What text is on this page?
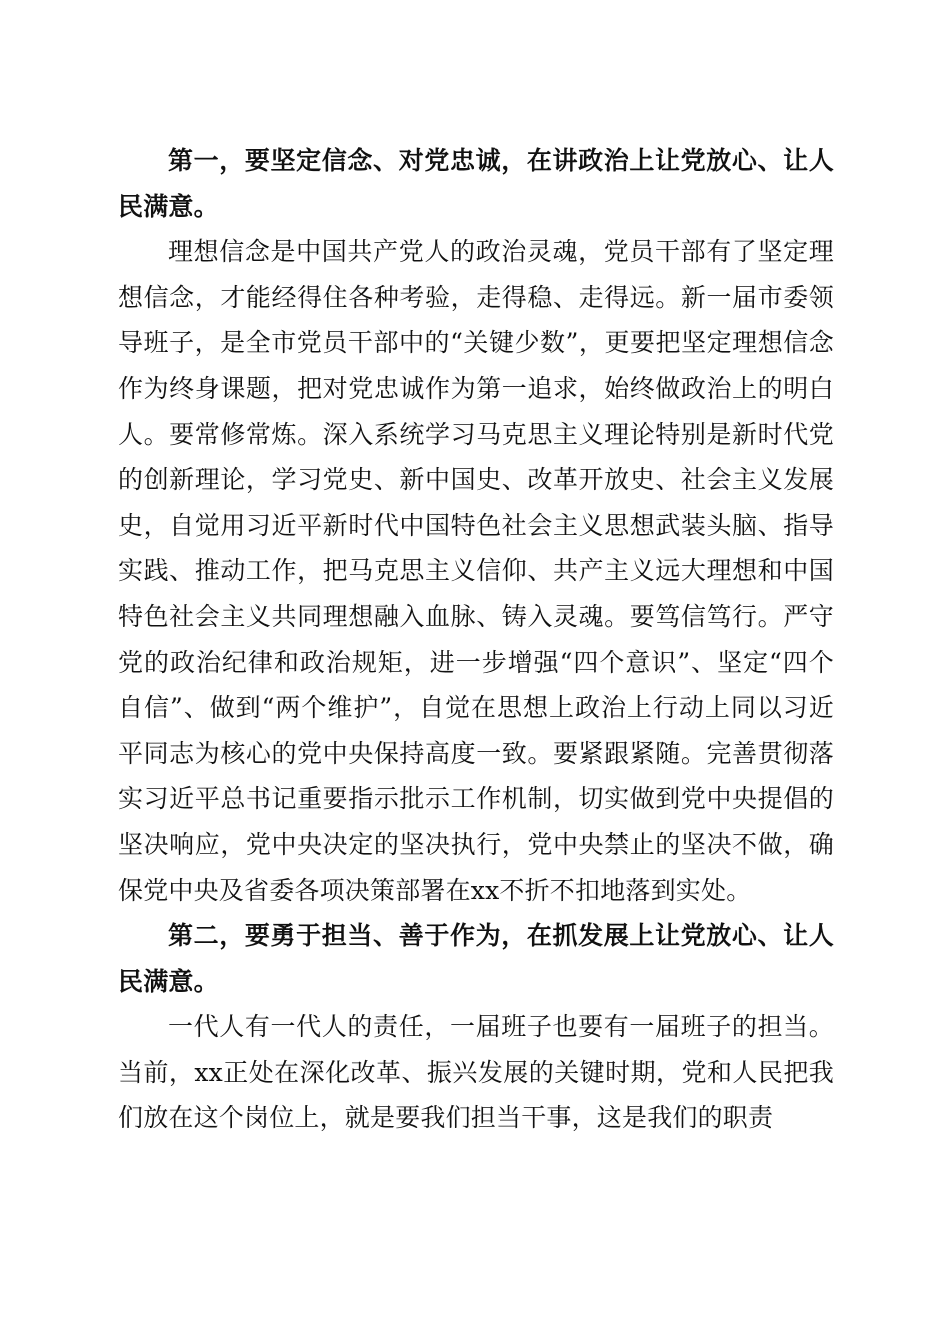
第一，要坚定信念、对党忠诚，在讲政治上让党放心、让人民满意。

理想信念是中国共产党人的政治灵魂，党员干部有了坚定理想信念，才能经得住各种考验，走得稳、走得远。新一届市委领导班子，是全市党员干部中的“关键少数”，更要把坚定理想信念作为终身课题，把对党忠诚作为第一追求，始终做政治上的明白人。要常修常炼。深入系统学习马克思主义理论特别是新时代党的创新理论，学习党史、新中国史、改革开放史、社会主义发展史，自觉用习近平新时代中国特色社会主义思想武装头脑、指导实践、推动工作，把马克思主义信仰、共产主义远大理想和中国特色社会主义共同理想融入血脉、铸入灵魂。要笃信笃行。严守党的政治纪律和政治规矩，进一步增强“四个意识”、坚定“四个自信”、做到“两个维护”，自觉在思想上政治上行动上同以习近平同志为核心的党中央保持高度一致。要紧跟紧随。完善贯彻落实习近平总书记重要指示批示工作机制，切实做到党中央提倡的坚决响应，党中央决定的坚决执行，党中央禁止的坚决不做，确保党中央及省委各项决策部署在xx不折不扣地落到实处。

第二，要勇于担当、善于作为，在抓发展上让党放心、让人民满意。

一代人有一代人的责任，一届班子也要有一届班子的担当。当前，xx正处在深化改革、振兴发展的关键时期，党和人民把我们放在这个岗位上，就是要我们担当干事，这是我们的职责
